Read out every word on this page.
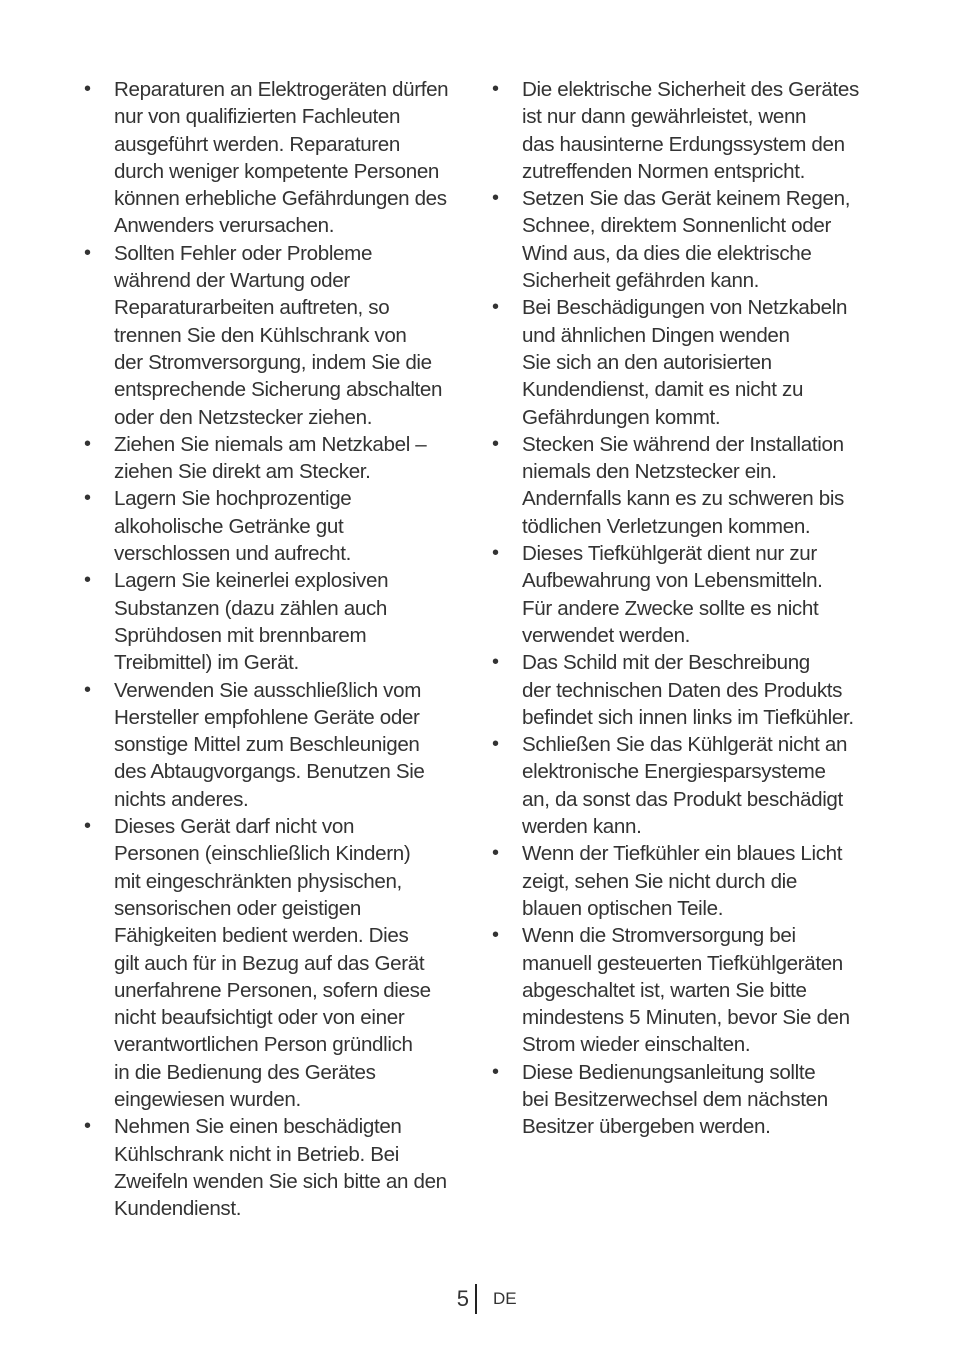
•	Reparaturen an Elektrogeräten dürfen
nur von qualifizierten Fachleuten
ausgeführt werden. Reparaturen
durch weniger kompetente Personen
können erhebliche Gefährdungen des
Anwenders verursachen.
•	Sollten Fehler oder Probleme
während der Wartung oder
Reparaturarbeiten auftreten, so
trennen Sie den Kühlschrank von
der Stromversorgung, indem Sie die
entsprechende Sicherung abschalten
oder den Netzstecker ziehen.
•	Ziehen Sie niemals am Netzkabel –
ziehen Sie direkt am Stecker.
•	Lagern Sie hochprozentige
alkoholische Getränke gut
verschlossen und aufrecht.
•	Lagern Sie keinerlei explosiven
Substanzen (dazu zählen auch
Sprühdosen mit brennbarem
Treibmittel) im Gerät.
•	Verwenden Sie ausschließlich vom
Hersteller empfohlene Geräte oder
sonstige Mittel zum Beschleunigen
des Abtaugvorgangs. Benutzen Sie
nichts anderes.
•	Dieses Gerät darf nicht von
Personen (einschließlich Kindern)
mit eingeschränkten physischen,
sensorischen oder geistigen
Fähigkeiten bedient werden. Dies
gilt auch für in Bezug auf das Gerät
unerfahrene Personen, sofern diese
nicht beaufsichtigt oder von einer
verantwortlichen Person gründlich
in die Bedienung des Gerätes
eingewiesen wurden.
•	Nehmen Sie einen beschädigten
Kühlschrank nicht in Betrieb. Bei
Zweifeln wenden Sie sich bitte an den
Kundendienst.
•	Die elektrische Sicherheit des Gerätes
ist nur dann gewährleistet, wenn
das hausinterne Erdungssystem den
zutreffenden Normen entspricht.
•	Setzen Sie das Gerät keinem Regen,
Schnee, direktem Sonnenlicht oder
Wind aus, da dies die elektrische
Sicherheit gefährden kann.
•	Bei Beschädigungen von Netzkabeln
und ähnlichen Dingen wenden
Sie sich an den autorisierten
Kundendienst, damit es nicht zu
Gefährdungen kommt.
•	Stecken Sie während der Installation
niemals den Netzstecker ein.
Andernfalls kann es zu schweren bis
tödlichen Verletzungen kommen.
•	Dieses Tiefkühlgerät dient nur zur
Aufbewahrung von Lebensmitteln.
Für andere Zwecke sollte es nicht
verwendet werden.
•	Das Schild mit der Beschreibung
der technischen Daten des Produkts
befindet sich innen links im Tiefkühler.
•	Schließen Sie das Kühlgerät nicht an
elektronische Energiesparsysteme
an, da sonst das Produkt beschädigt
werden kann.
•	Wenn der Tiefkühler ein blaues Licht
zeigt, sehen Sie nicht durch die
blauen optischen Teile.
•	Wenn die Stromversorgung bei
manuell gesteuerten Tiefkühlgeräten
abgeschaltet ist, warten Sie bitte
mindestens 5 Minuten, bevor Sie den
Strom wieder einschalten.
•	Diese Bedienungsanleitung sollte
bei Besitzerwechsel dem nächsten
Besitzer übergeben werden.
5 DE
